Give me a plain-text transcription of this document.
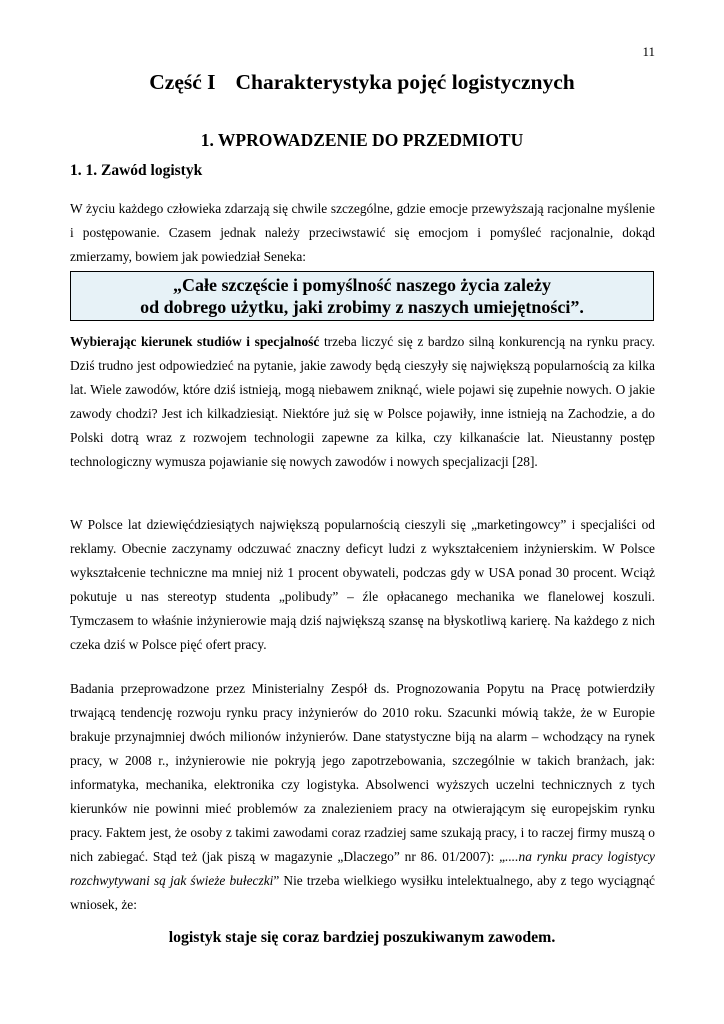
11
Część I Charakterystyka pojęć logistycznych
1. WPROWADZENIE DO PRZEDMIOTU
1. 1. Zawód logistyk

W życiu każdego człowieka zdarzają się chwile szczególne, gdzie emocje przewyższają racjonalne myślenie i postępowanie. Czasem jednak należy przeciwstawić się emocjom i pomyśleć racjonalnie, dokąd zmierzamy, bowiem jak powiedział Seneka:

„Całe szczęście i pomyślność naszego życia zależy
od dobrego użytku, jaki zrobimy z naszych umiejętności”.

Wybierając kierunek studiów i specjalność trzeba liczyć się z bardzo silną konkurencją na rynku pracy. Dziś trudno jest odpowiedzieć na pytanie, jakie zawody będą cieszyły się największą popularnością za kilka lat. Wiele zawodów, które dziś istnieją, mogą niebawem zniknąć, wiele pojawi się zupełnie nowych. O jakie zawody chodzi? Jest ich kilkadziesiąt. Niektóre już się w Polsce pojawiły, inne istnieją na Zachodzie, a do Polski dotrą wraz z rozwojem technologii zapewne za kilka, czy kilkanaście lat. Nieustanny postęp technologiczny wymusza pojawianie się nowych zawodów i nowych specjalizacji [28].

W Polsce lat dziewięćdziesiątych największą popularnością cieszyli się „marketingowcy” i specjaliści od reklamy. Obecnie zaczynamy odczuwać znaczny deficyt ludzi z wykształceniem inżynierskim. W Polsce wykształcenie techniczne ma mniej niż 1 procent obywateli, podczas gdy w USA ponad 30 procent. Wciąż pokutuje u nas stereotyp studenta „polibudy” – źle opłacanego mechanika we flanelowej koszuli. Tymczasem to właśnie inżynierowie mają dziś największą szansę na błyskotliwą karierę. Na każdego z nich czeka dziś w Polsce pięć ofert pracy.

Badania przeprowadzone przez Ministerialny Zespół ds. Prognozowania Popytu na Pracę potwierdziły trwającą tendencję rozwoju rynku pracy inżynierów do 2010 roku. Szacunki mówią także, że w Europie brakuje przynajmniej dwóch milionów inżynierów. Dane statystyczne biją na alarm – wchodzący na rynek pracy, w 2008 r., inżynierowie nie pokryją jego zapotrzebowania, szczególnie w takich branżach, jak: informatyka, mechanika, elektronika czy logistyka. Absolwenci wyższych uczelni technicznych z tych kierunków nie powinni mieć problemów za znalezieniem pracy na otwierającym się europejskim rynku pracy. Faktem jest, że osoby z takimi zawodami coraz rzadziej same szukają pracy, i to raczej firmy muszą o nich zabiegać. Stąd też (jak piszą w magazynie „Dlaczego” nr 86. 01/2007): „....na rynku pracy logistycy rozchwytywani są jak świeże bułeczki” Nie trzeba wielkiego wysiłku intelektualnego, aby z tego wyciągnąć wniosek, że:

logistyk staje się coraz bardziej poszukiwanym zawodem.
